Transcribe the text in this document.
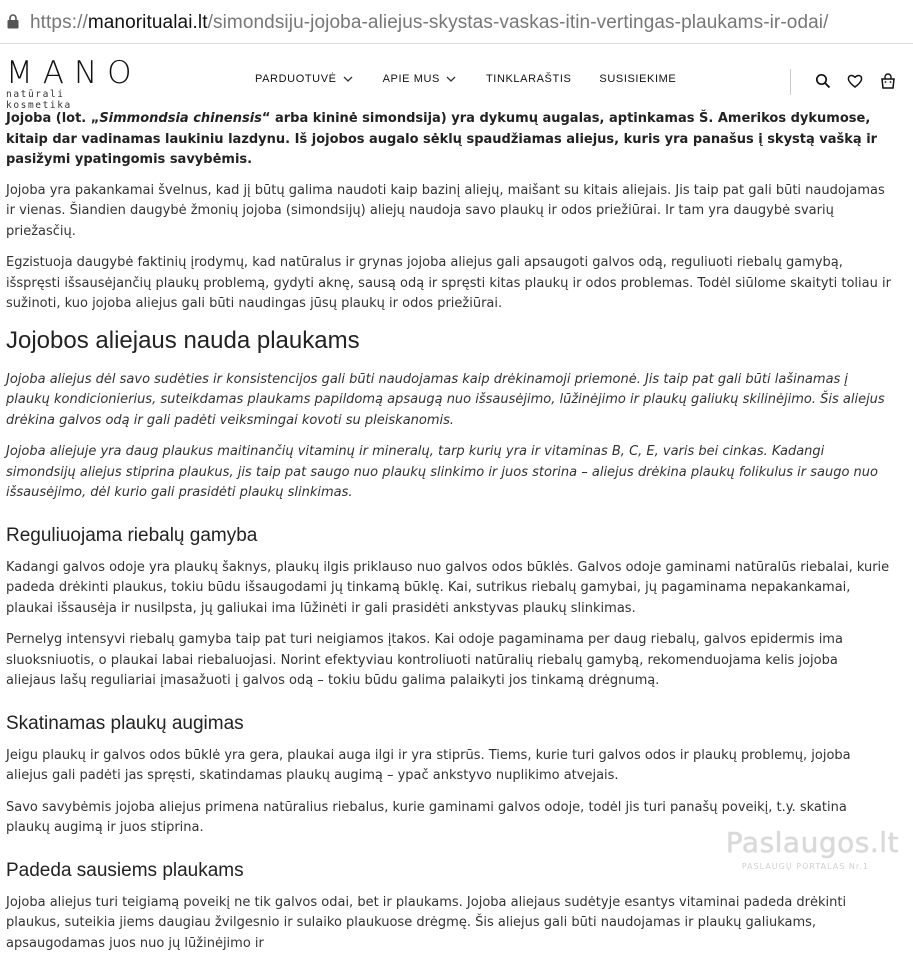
https://manoritualai.lt/simondsiju-jojoba-aliejus-skystas-vaskas-itin-vertingas-plaukams-ir-odai/
MANO
natūrali kosmetika
PARDUOTUVĖ	APIE MUS	TINKLARAŠTIS	SUSISIEKIME

Jojoba (lot. „Simmondsia chinensis“ arba kininė simondsija) yra dykumų augalas, aptinkamas Š. Amerikos dykumose, kitaip dar vadinamas laukiniu lazdynu. Iš jojobos augalo sėklų spaudžiamas aliejus, kuris yra panašus į skystą vašką ir pasižymi ypatingomis savybėmis.

Jojoba yra pakankamai švelnus, kad jį būtų galima naudoti kaip bazinį aliejų, maišant su kitais aliejais. Jis taip pat gali būti naudojamas ir vienas. Šiandien daugybė žmonių jojoba (simondsijų) aliejų naudoja savo plaukų ir odos priežiūrai. Ir tam yra daugybė svarių priežasčių.

Egzistuoja daugybė faktinių įrodymų, kad natūralus ir grynas jojoba aliejus gali apsaugoti galvos odą, reguliuoti riebalų gamybą, išspręsti išsausėjančių plaukų problemą, gydyti aknę, sausą odą ir spręsti kitas plaukų ir odos problemas. Todėl siūlome skaityti toliau ir sužinoti, kuo jojoba aliejus gali būti naudingas jūsų plaukų ir odos priežiūrai.

Jojobos aliejaus nauda plaukams

Jojoba aliejus dėl savo sudėties ir konsistencijos gali būti naudojamas kaip drėkinamoji priemonė. Jis taip pat gali būti lašinamas į plaukų kondicionierius, suteikdamas plaukams papildomą apsaugą nuo išsausėjimo, lūžinėjimo ir plaukų galiukų skilinėjimo. Šis aliejus drėkina galvos odą ir gali padėti veiksmingai kovoti su pleiskanomis.

Jojoba aliejuje yra daug plaukus maitinančių vitaminų ir mineralų, tarp kurių yra ir vitaminas B, C, E, varis bei cinkas. Kadangi simondsijų aliejus stiprina plaukus, jis taip pat saugo nuo plaukų slinkimo ir juos storina – aliejus drėkina plaukų folikulus ir saugo nuo išsausėjimo, dėl kurio gali prasidėti plaukų slinkimas.

Reguliuojama riebalų gamyba

Kadangi galvos odoje yra plaukų šaknys, plaukų ilgis priklauso nuo galvos odos būklės. Galvos odoje gaminami natūralūs riebalai, kurie padeda drėkinti plaukus, tokiu būdu išsaugodami jų tinkamą būklę. Kai, sutrikus riebalų gamybai, jų pagaminama nepakankamai, plaukai išsausėja ir nusilpsta, jų galiukai ima lūžinėti ir gali prasidėti ankstyvas plaukų slinkimas.

Pernelyg intensyvi riebalų gamyba taip pat turi neigiamos įtakos. Kai odoje pagaminama per daug riebalų, galvos epidermis ima sluoksniuotis, o plaukai labai riebaluojasi. Norint efektyviau kontroliuoti natūralių riebalų gamybą, rekomenduojama kelis jojoba aliejaus lašų reguliariai įmasažuoti į galvos odą – tokiu būdu galima palaikyti jos tinkamą drėgnumą.

Skatinamas plaukų augimas

Jeigu plaukų ir galvos odos būklė yra gera, plaukai auga ilgi ir yra stiprūs. Tiems, kurie turi galvos odos ir plaukų problemų, jojoba aliejus gali padėti jas spręsti, skatindamas plaukų augimą – ypač ankstyvo nuplikimo atvejais.

Savo savybėmis jojoba aliejus primena natūralius riebalus, kurie gaminami galvos odoje, todėl jis turi panašų poveikį, t.y. skatina plaukų augimą ir juos stiprina.

Padeda sausiems plaukams

Jojoba aliejus turi teigiamą poveikį ne tik galvos odai, bet ir plaukams. Jojoba aliejaus sudėtyje esantys vitaminai padeda drėkinti plaukus, suteikia jiems daugiau žvilgesnio ir sulaiko plaukuose drėgmę. Šis aliejus gali būti naudojamas ir plaukų galiukams, apsaugodamas juos nuo jų lūžinėjimo ir

Paslaugos.lt
PASLAUGŲ PORTALAS Nr.1
